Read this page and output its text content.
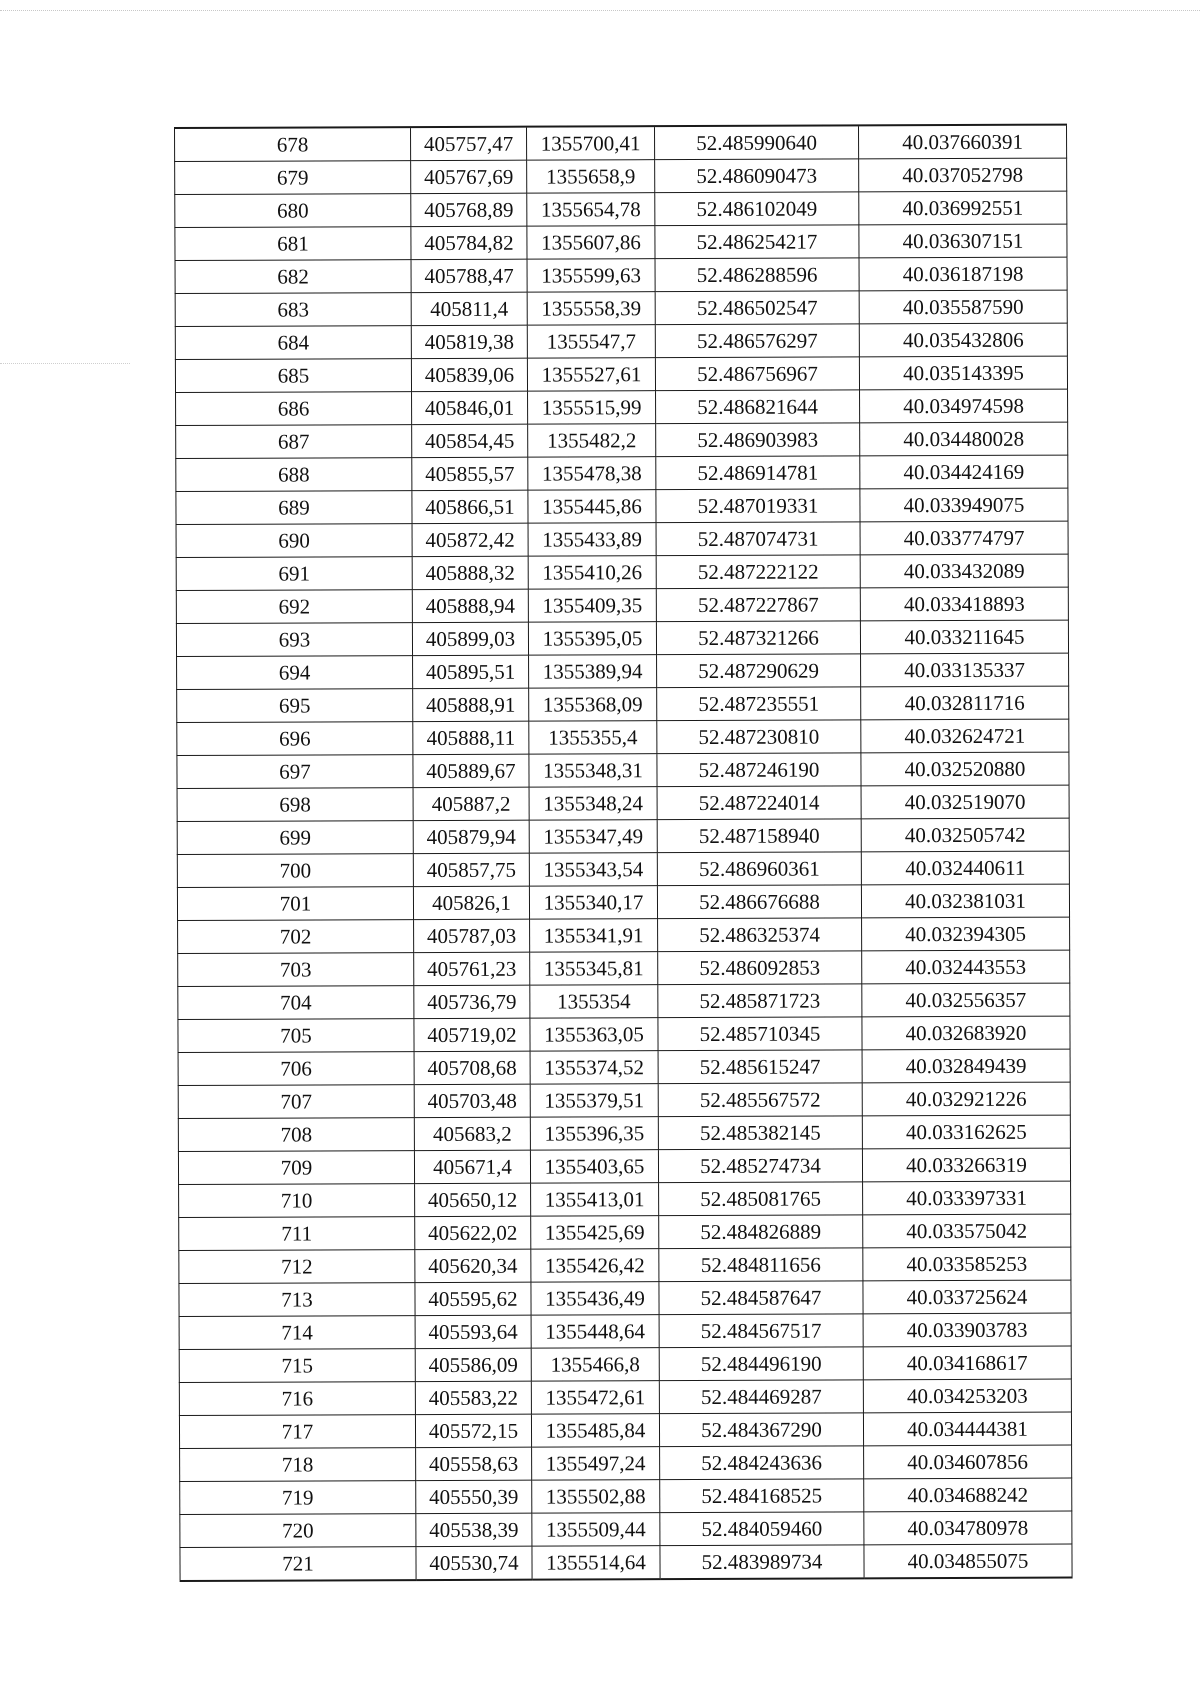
678	405757,47	1355700,41	52.485990640	40.037660391
679	405767,69	1355658,9	52.486090473	40.037052798
680	405768,89	1355654,78	52.486102049	40.036992551
681	405784,82	1355607,86	52.486254217	40.036307151
682	405788,47	1355599,63	52.486288596	40.036187198
683	405811,4	1355558,39	52.486502547	40.035587590
684	405819,38	1355547,7	52.486576297	40.035432806
685	405839,06	1355527,61	52.486756967	40.035143395
686	405846,01	1355515,99	52.486821644	40.034974598
687	405854,45	1355482,2	52.486903983	40.034480028
688	405855,57	1355478,38	52.486914781	40.034424169
689	405866,51	1355445,86	52.487019331	40.033949075
690	405872,42	1355433,89	52.487074731	40.033774797
691	405888,32	1355410,26	52.487222122	40.033432089
692	405888,94	1355409,35	52.487227867	40.033418893
693	405899,03	1355395,05	52.487321266	40.033211645
694	405895,51	1355389,94	52.487290629	40.033135337
695	405888,91	1355368,09	52.487235551	40.032811716
696	405888,11	1355355,4	52.487230810	40.032624721
697	405889,67	1355348,31	52.487246190	40.032520880
698	405887,2	1355348,24	52.487224014	40.032519070
699	405879,94	1355347,49	52.487158940	40.032505742
700	405857,75	1355343,54	52.486960361	40.032440611
701	405826,1	1355340,17	52.486676688	40.032381031
702	405787,03	1355341,91	52.486325374	40.032394305
703	405761,23	1355345,81	52.486092853	40.032443553
704	405736,79	1355354	52.485871723	40.032556357
705	405719,02	1355363,05	52.485710345	40.032683920
706	405708,68	1355374,52	52.485615247	40.032849439
707	405703,48	1355379,51	52.485567572	40.032921226
708	405683,2	1355396,35	52.485382145	40.033162625
709	405671,4	1355403,65	52.485274734	40.033266319
710	405650,12	1355413,01	52.485081765	40.033397331
711	405622,02	1355425,69	52.484826889	40.033575042
712	405620,34	1355426,42	52.484811656	40.033585253
713	405595,62	1355436,49	52.484587647	40.033725624
714	405593,64	1355448,64	52.484567517	40.033903783
715	405586,09	1355466,8	52.484496190	40.034168617
716	405583,22	1355472,61	52.484469287	40.034253203
717	405572,15	1355485,84	52.484367290	40.034444381
718	405558,63	1355497,24	52.484243636	40.034607856
719	405550,39	1355502,88	52.484168525	40.034688242
720	405538,39	1355509,44	52.484059460	40.034780978
721	405530,74	1355514,64	52.483989734	40.034855075
